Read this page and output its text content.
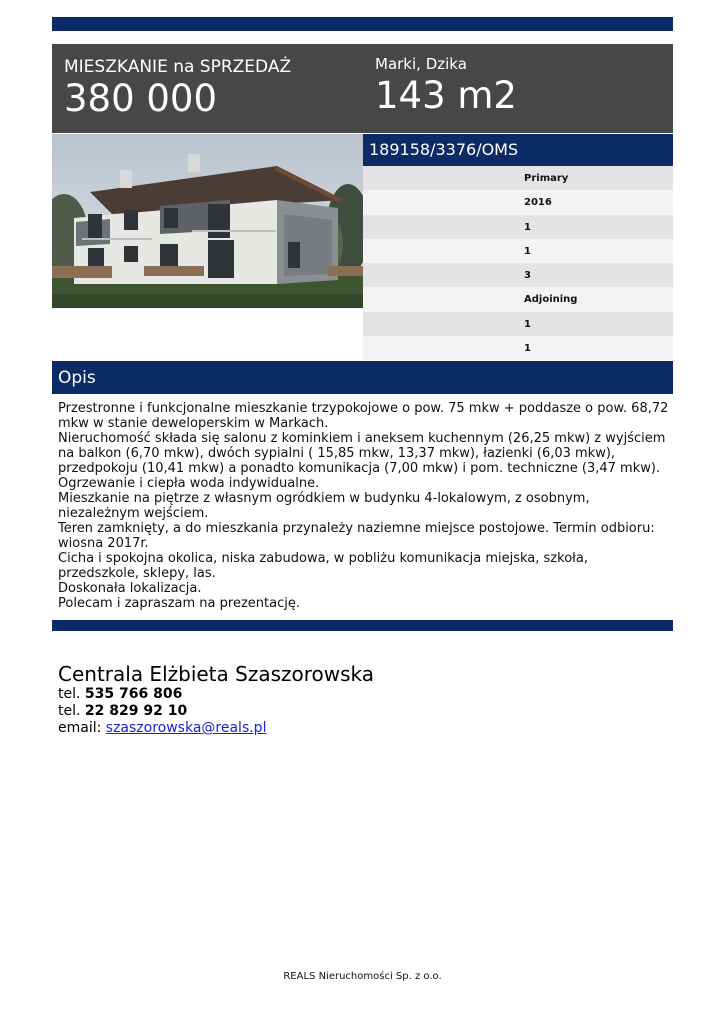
MIESZKANIE na SPRZEDAŻ
380 000
Marki, Dzika
143 m2
189158/3376/OMS
Primary
2016
1
1
3
Adjoining
1
1
Opis

Przestronne i funkcjonalne mieszkanie trzypokojowe o pow. 75 mkw + poddasze o pow. 68,72 mkw w stanie deweloperskim w Markach.

Nieruchomość składa się salonu z kominkiem i aneksem kuchennym (26,25 mkw) z wyjściem na balkon (6,70 mkw), dwóch sypialni ( 15,85 mkw, 13,37 mkw), łazienki (6,03 mkw), przedpokoju (10,41 mkw) a ponadto komunikacja (7,00 mkw) i pom. techniczne (3,47 mkw). Ogrzewanie i ciepła woda indywidualne.

Mieszkanie na piętrze z własnym ogródkiem w budynku 4-lokalowym, z osobnym, niezależnym wejściem.

Teren zamknięty, a do mieszkania przynależy naziemne miejsce postojowe. Termin odbioru: wiosna 2017r.

Cicha i spokojna okolica, niska zabudowa, w pobliżu komunikacja miejska, szkoła, przedszkole, sklepy, las.

Doskonała lokalizacja.

Polecam i zapraszam na prezentację.

Centrala Elżbieta Szaszorowska
tel. 535 766 806
tel. 22 829 92 10
email: szaszorowska@reals.pl
REALS Nieruchomości Sp. z o.o.
